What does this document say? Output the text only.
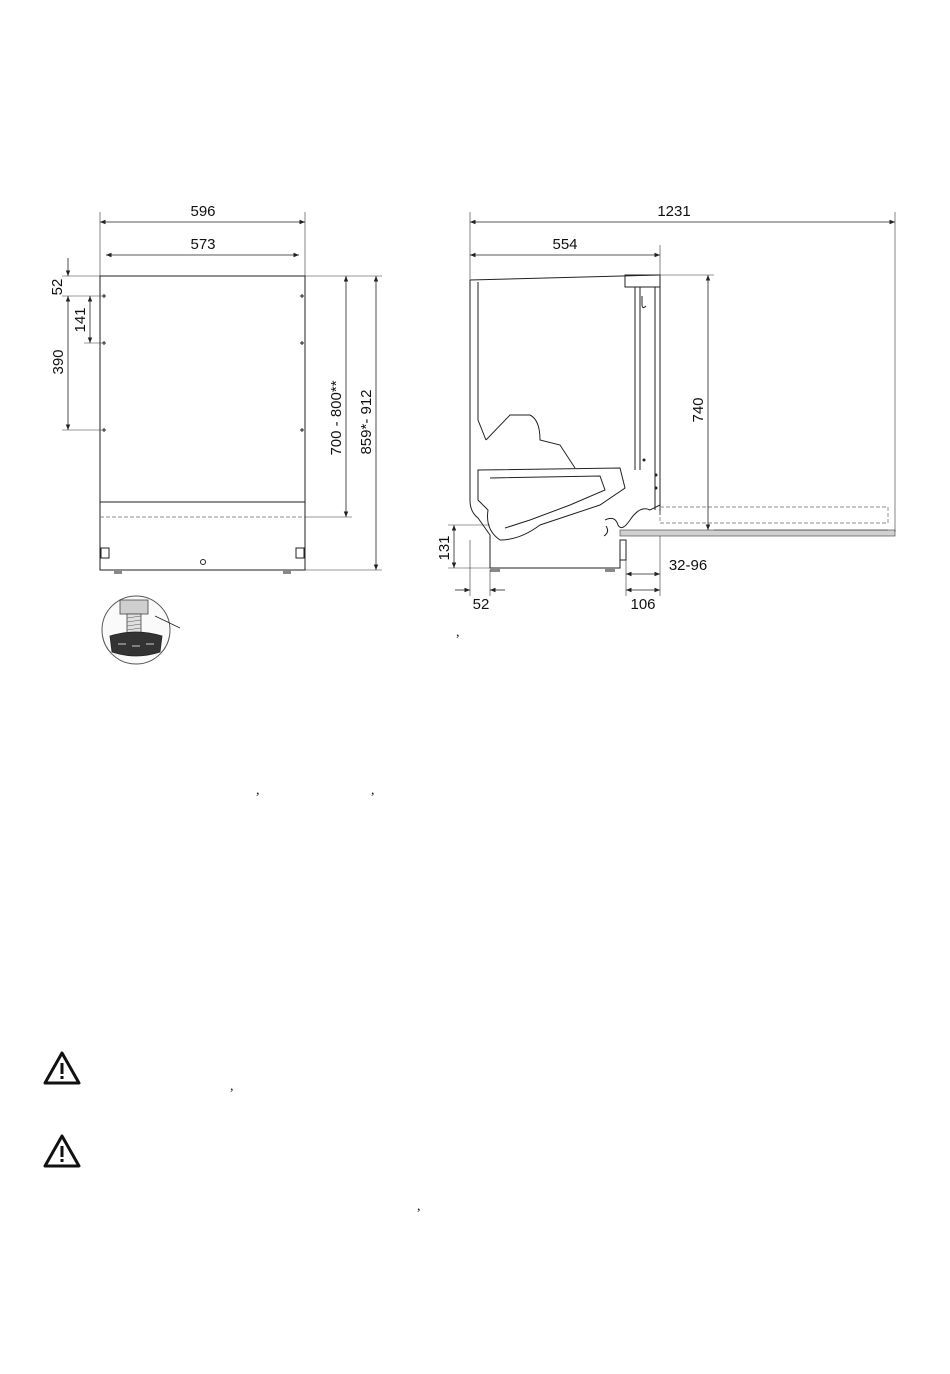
596
573
52
141
390
700 - 800** 859*- 912
1231
554
740
131
52
32-96
106
,
,	,
,
,
